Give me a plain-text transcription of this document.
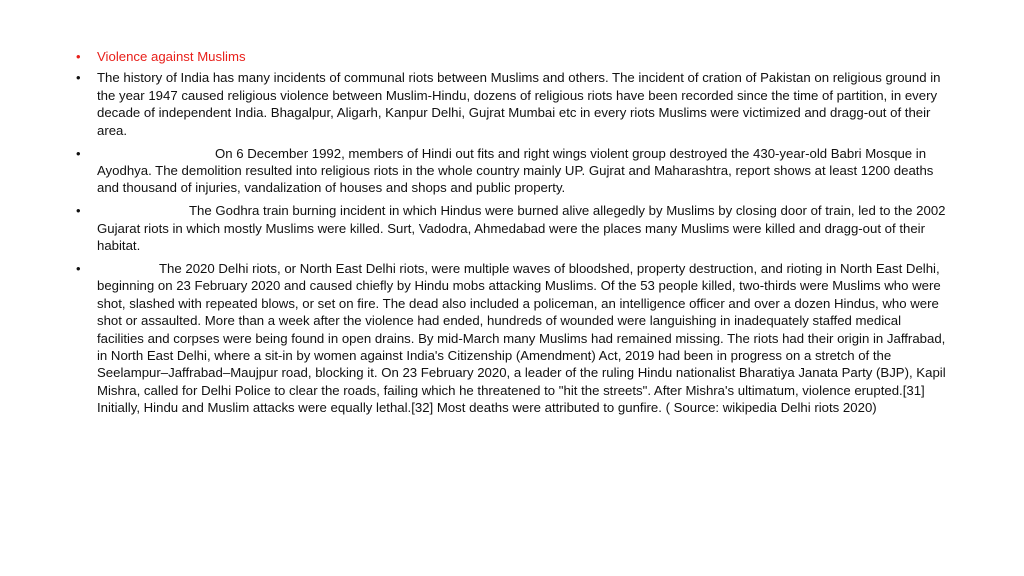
•	Violence against Muslims
•	The history of India has many incidents of communal riots between Muslims and others. The incident of cration of Pakistan on religious ground in the year 1947 caused religious violence between Muslim-Hindu, dozens of religious riots have been recorded since the time of partition, in every decade of independent India. Bhagalpur, Aligarh, Kanpur Delhi, Gujrat Mumbai etc in every riots Muslims were victimized and dragg-out of their area.
•	On 6 December 1992, members of Hindi out fits and right wings violent group destroyed the 430-year-old Babri Mosque in Ayodhya. The demolition resulted into religious riots in the whole country mainly UP. Gujrat and Maharashtra, report shows at least 1200 deaths and thousand of injuries, vandalization of houses and shops and public property.
•	The Godhra train burning incident in which Hindus were burned alive allegedly by Muslims by closing door of train, led to the 2002 Gujarat riots in which mostly Muslims were killed. Surt, Vadodra, Ahmedabad were the places many Muslims were killed and dragg-out of their habitat.
•	The 2020 Delhi riots, or North East Delhi riots, were multiple waves of bloodshed, property destruction, and rioting in North East Delhi, beginning on 23 February 2020 and caused chiefly by Hindu mobs attacking Muslims. Of the 53 people killed, two-thirds were Muslims who were shot, slashed with repeated blows, or set on fire. The dead also included a policeman, an intelligence officer and over a dozen Hindus, who were shot or assaulted. More than a week after the violence had ended, hundreds of wounded were languishing in inadequately staffed medical facilities and corpses were being found in open drains. By mid-March many Muslims had remained missing. The riots had their origin in Jaffrabad, in North East Delhi, where a sit-in by women against India's Citizenship (Amendment) Act, 2019 had been in progress on a stretch of the Seelampur–Jaffrabad–Maujpur road, blocking it. On 23 February 2020, a leader of the ruling Hindu nationalist Bharatiya Janata Party (BJP), Kapil Mishra, called for Delhi Police to clear the roads, failing which he threatened to "hit the streets". After Mishra's ultimatum, violence erupted.[31] Initially, Hindu and Muslim attacks were equally lethal.[32] Most deaths were attributed to gunfire. ( Source: wikipedia Delhi riots 2020)
